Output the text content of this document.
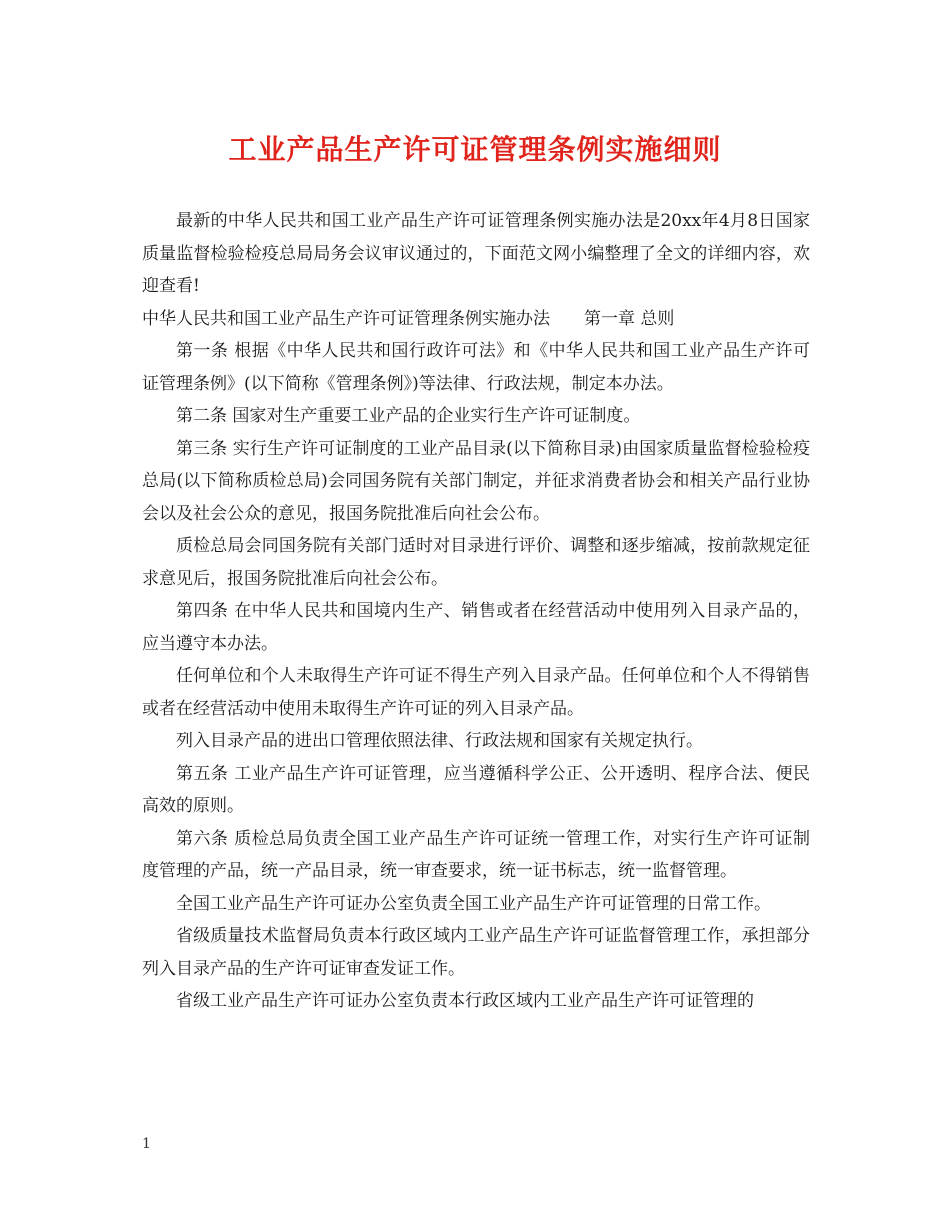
工业产品生产许可证管理条例实施细则

最新的中华人民共和国工业产品生产许可证管理条例实施办法是20xx年4月8日国家质量监督检验检疫总局局务会议审议通过的，下面范文网小编整理了全文的详细内容，欢迎查看!

中华人民共和国工业产品生产许可证管理条例实施办法　　第一章 总则

第一条 根据《中华人民共和国行政许可法》和《中华人民共和国工业产品生产许可证管理条例》(以下简称《管理条例》)等法律、行政法规，制定本办法。

第二条 国家对生产重要工业产品的企业实行生产许可证制度。

第三条 实行生产许可证制度的工业产品目录(以下简称目录)由国家质量监督检验检疫总局(以下简称质检总局)会同国务院有关部门制定，并征求消费者协会和相关产品行业协会以及社会公众的意见，报国务院批准后向社会公布。

质检总局会同国务院有关部门适时对目录进行评价、调整和逐步缩减，按前款规定征求意见后，报国务院批准后向社会公布。

第四条 在中华人民共和国境内生产、销售或者在经营活动中使用列入目录产品的，应当遵守本办法。

任何单位和个人未取得生产许可证不得生产列入目录产品。任何单位和个人不得销售或者在经营活动中使用未取得生产许可证的列入目录产品。

列入目录产品的进出口管理依照法律、行政法规和国家有关规定执行。

第五条 工业产品生产许可证管理，应当遵循科学公正、公开透明、程序合法、便民高效的原则。

第六条 质检总局负责全国工业产品生产许可证统一管理工作，对实行生产许可证制度管理的产品，统一产品目录，统一审查要求，统一证书标志，统一监督管理。

全国工业产品生产许可证办公室负责全国工业产品生产许可证管理的日常工作。

省级质量技术监督局负责本行政区域内工业产品生产许可证监督管理工作，承担部分列入目录产品的生产许可证审查发证工作。

省级工业产品生产许可证办公室负责本行政区域内工业产品生产许可证管理的

1
